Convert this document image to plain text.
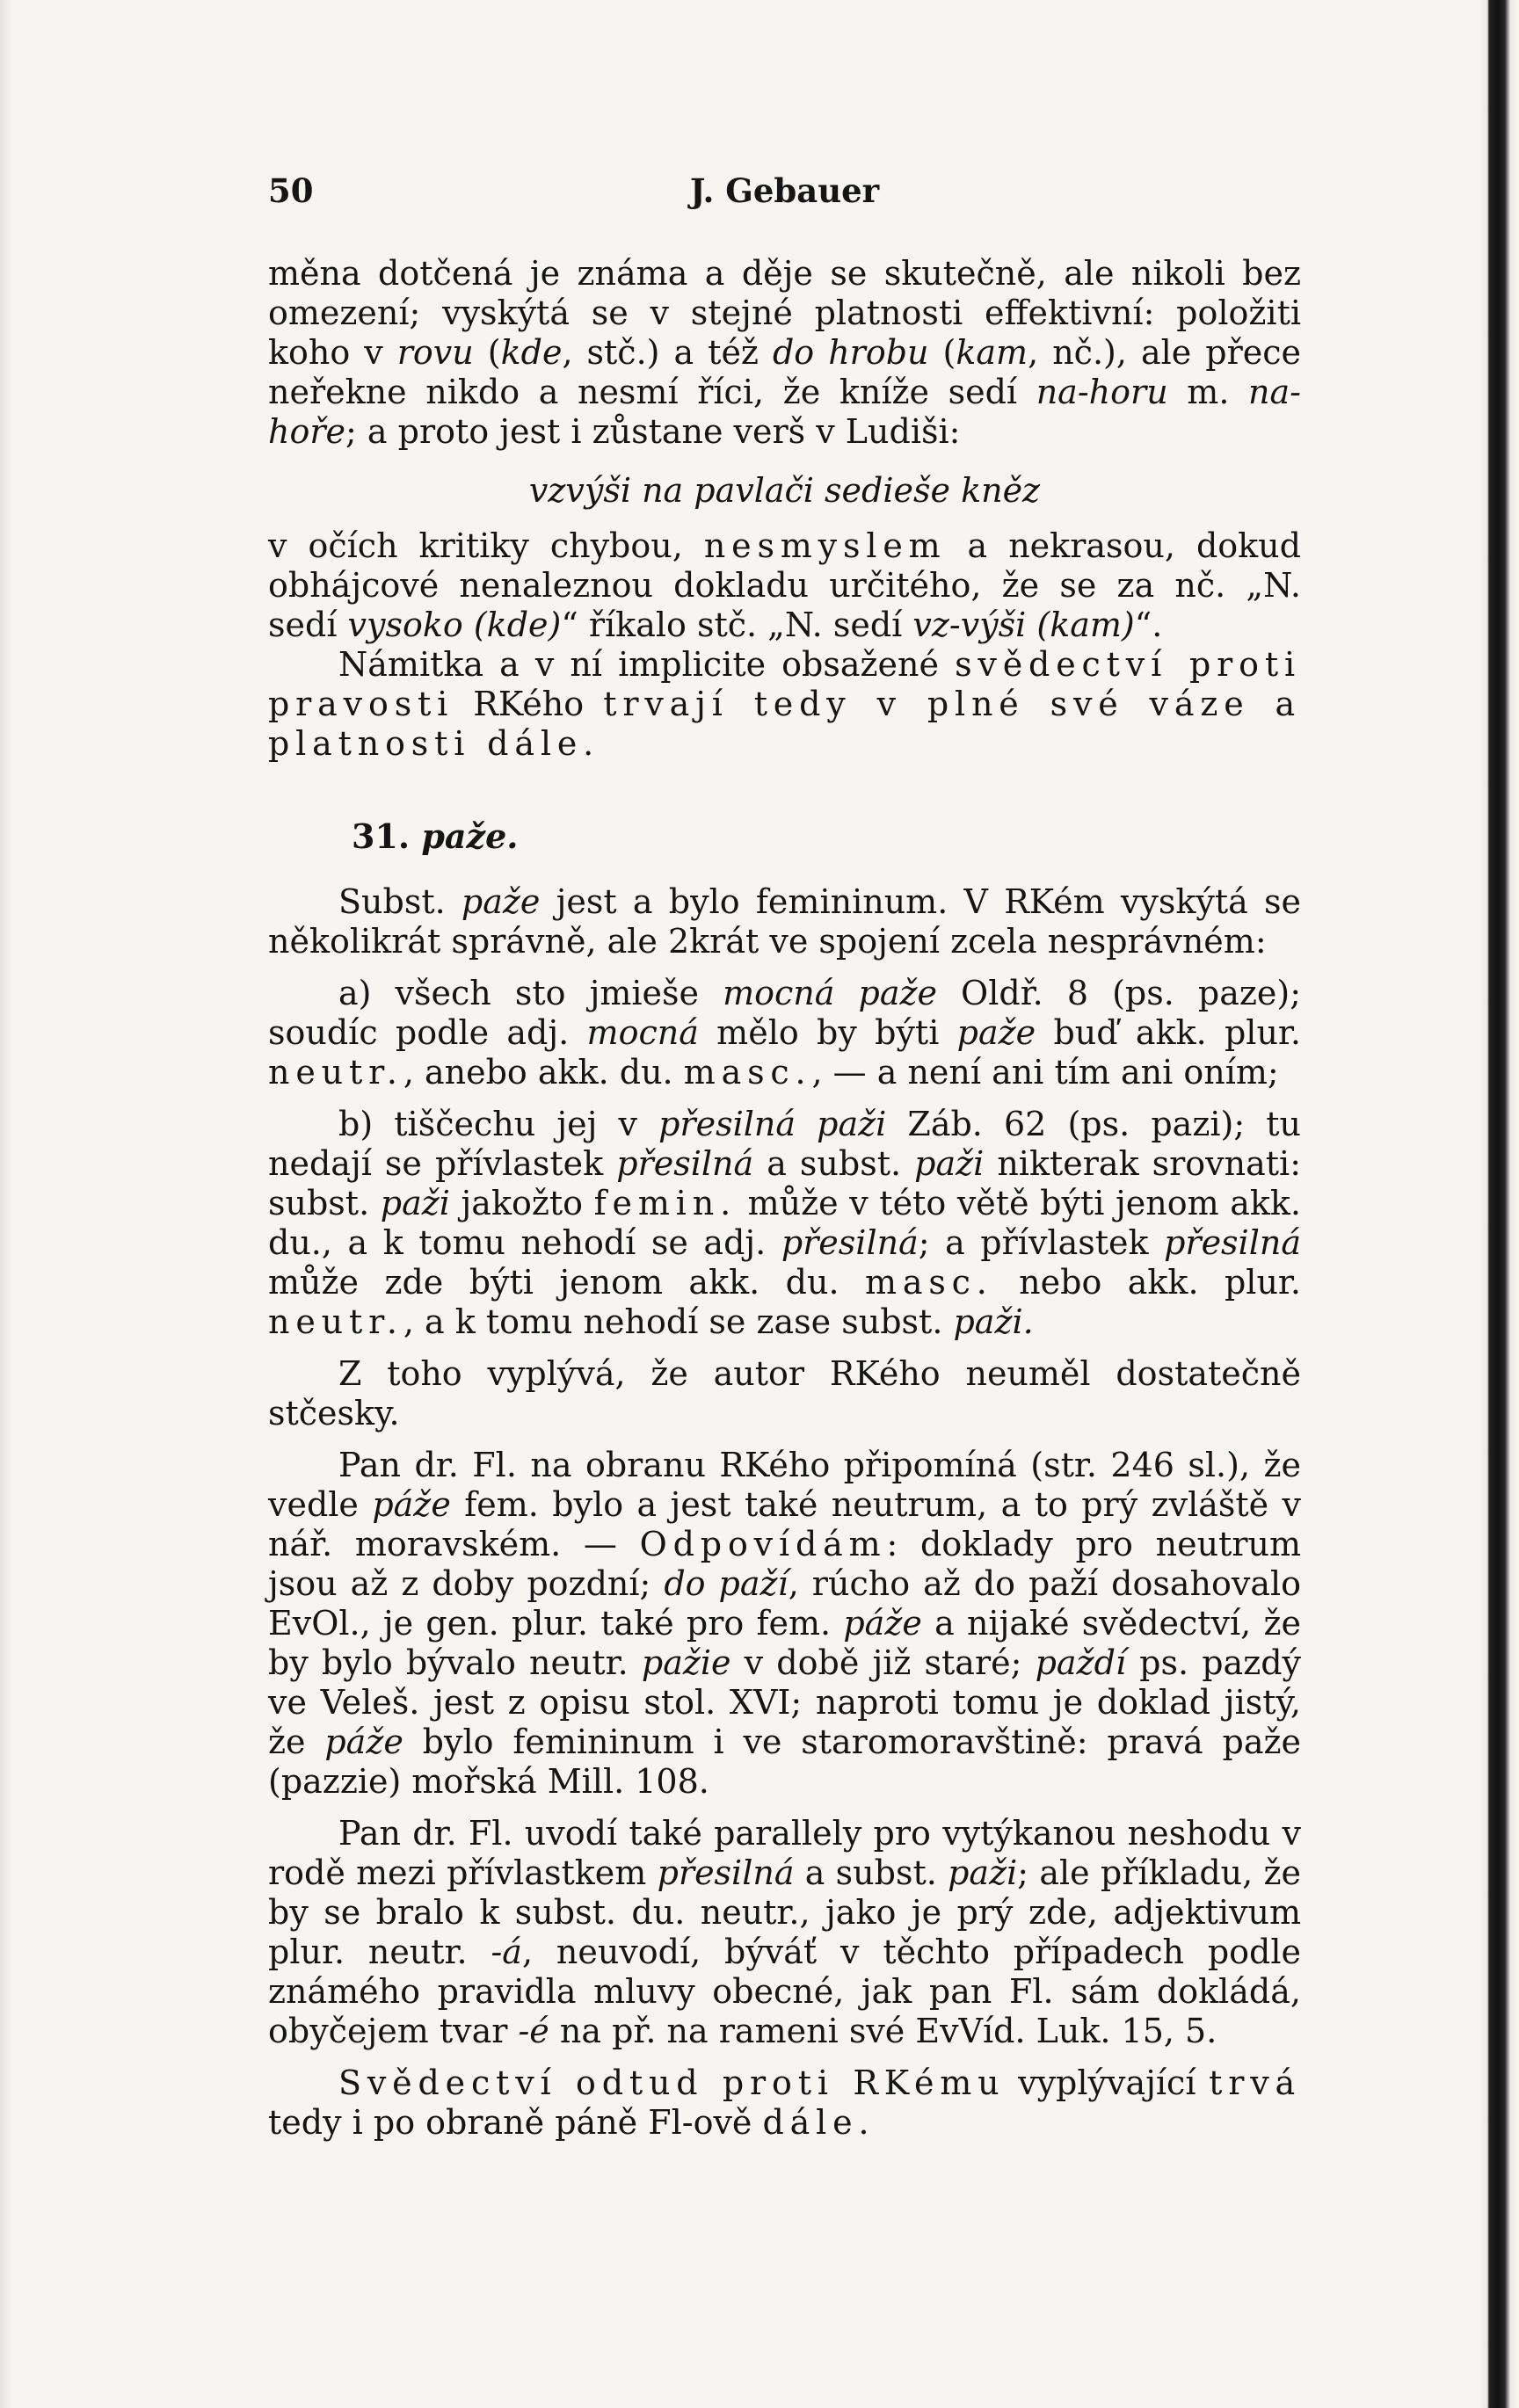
50	J. Gebauer

měna dotčená je známa a děje se skutečně, ale nikoli bez omezení; vyskýtá se v stejné platnosti effektivní: položiti koho v rovu (kde, stč.) a též do hrobu (kam, nč.), ale přece neřekne nikdo a nesmí říci, že kníže sedí na-horu m. na-hoře; a proto jest i zůstane verš v Ludiši:

vzvýši na pavlači sedieše kněz

v očích kritiky chybou, nesmyslem a nekrasou, dokud obhájcové nenaleznou dokladu určitého, že se za nč. „N. sedí vysoko (kde)“ říkalo stč. „N. sedí vz-výši (kam)“.

Námitka a v ní implicite obsažené svědectví proti pravosti RKého trvají tedy v plné své váze a platnosti dále.

31. paže.

Subst. paže jest a bylo femininum. V RKém vyskýtá se několikrát správně, ale 2krát ve spojení zcela nesprávném:

a) všech sto jmieše mocná paže Oldř. 8 (ps. paze); soudíc podle adj. mocná mělo by býti paže buď akk. plur. neutr., anebo akk. du. masc., — a není ani tím ani oním;

b) tiščechu jej v přesilná paži Záb. 62 (ps. pazi); tu nedají se přívlastek přesilná a subst. paži nikterak srovnati: subst. paži jakožto femin. může v této větě býti jenom akk. du., a k tomu nehodí se adj. přesilná; a přívlastek přesilná může zde býti jenom akk. du. masc. nebo akk. plur. neutr., a k tomu nehodí se zase subst. paži.

Z toho vyplývá, že autor RKého neuměl dostatečně stčesky.

Pan dr. Fl. na obranu RKého připomíná (str. 246 sl.), že vedle páže fem. bylo a jest také neutrum, a to prý zvláště v nář. moravském. — Odpovídám: doklady pro neutrum jsou až z doby pozdní; do paží, rúcho až do paží dosahovalo EvOl., je gen. plur. také pro fem. páže a nijaké svědectví, že by bylo bývalo neutr. pažie v době již staré; paždí ps. pazdý ve Veleš. jest z opisu stol. XVI; naproti tomu je doklad jistý, že páže bylo femininum i ve staromoravštině: pravá paže (pazzie) mořská Mill. 108.

Pan dr. Fl. uvodí také parallely pro vytýkanou neshodu v rodě mezi přívlastkem přesilná a subst. paži; ale příkladu, že by se bralo k subst. du. neutr., jako je prý zde, adjektivum plur. neutr. -á, neuvodí, býváť v těchto případech podle známého pravidla mluvy obecné, jak pan Fl. sám dokládá, obyčejem tvar -é na př. na rameni své EvVíd. Luk. 15, 5.

Svědectví odtud proti RKému vyplývající trvá tedy i po obraně páně Fl-ově dále.
